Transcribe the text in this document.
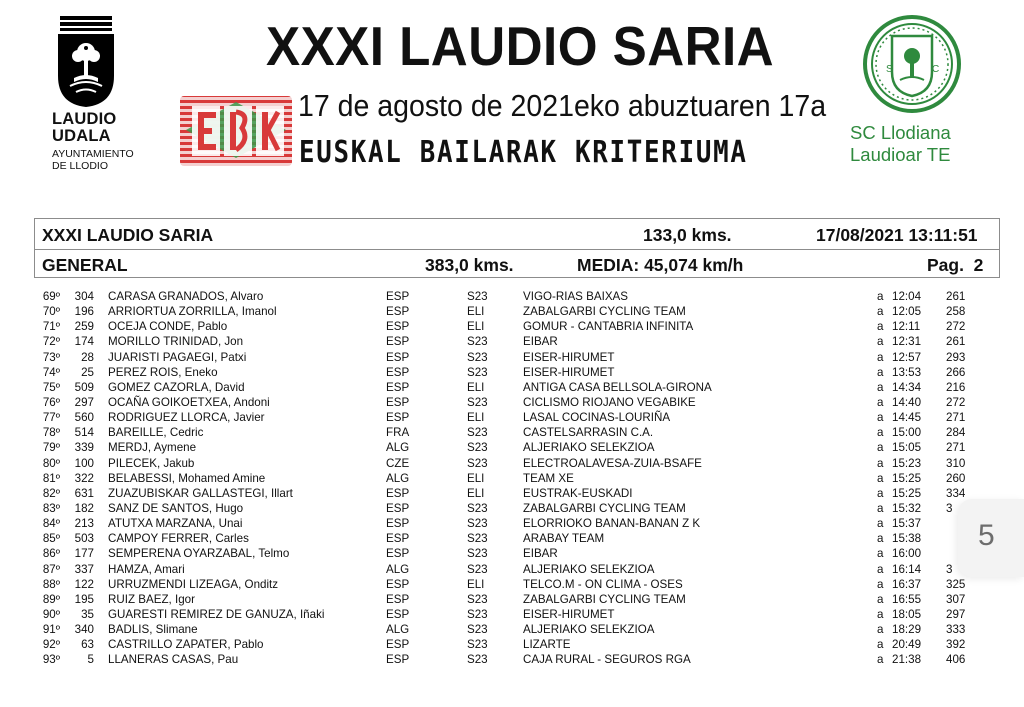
LAUDIO
UDALA
AYUNTAMIENTO
DE LLODIO
XXXI LAUDIO SARIA
17 de agosto de 2021eko abuztuaren 17a
EUSKAL BAILARAK KRITERIUMA
S	C
SC Llodiana
Laudioar TE
XXXI LAUDIO SARIA	133,0 kms.	17/08/2021 13:11:51
GENERAL	383,0 kms.	MEDIA: 45,074 km/h	Pag.  2
69º	304 CARASA GRANADOS, Alvaro	ESP	S23	VIGO-RIAS BAIXAS	a 12:04 261
70º	196 ARRIORTUA ZORRILLA, Imanol	ESP	ELI	ZABALGARBI CYCLING TEAM	a 12:05 258
71º	259 OCEJA CONDE, Pablo	ESP	ELI	GOMUR - CANTABRIA INFINITA	a 12:11 272
72º	174 MORILLO TRINIDAD, Jon	ESP	S23	EIBAR	a 12:31 261
73º	28 JUARISTI PAGAEGI, Patxi	ESP	S23	EISER-HIRUMET	a 12:57 293
74º	25 PEREZ ROIS, Eneko	ESP	S23	EISER-HIRUMET	a 13:53 266
75º	509 GOMEZ CAZORLA, David	ESP	ELI	ANTIGA CASA BELLSOLA-GIRONA	a 14:34 216
76º	297 OCAÑA GOIKOETXEA, Andoni	ESP	S23	CICLISMO RIOJANO VEGABIKE	a 14:40 272
77º	560 RODRIGUEZ LLORCA, Javier	ESP	ELI	LASAL COCINAS-LOURIÑA	a 14:45 271
78º	514 BAREILLE, Cedric	FRA	S23	CASTELSARRASIN C.A.	a 15:00 284
79º	339 MERDJ, Aymene	ALG	S23	ALJERIAKO SELEKZIOA	a 15:05 271
80º	100 PILECEK, Jakub	CZE	S23	ELECTROALAVESA-ZUIA-BSAFE	a 15:23 310
81º	322 BELABESSI, Mohamed Amine	ALG	ELI	TEAM XE	a 15:25 260
82º	631 ZUAZUBISKAR GALLASTEGI, Illart	ESP	ELI	EUSTRAK-EUSKADI	a 15:25 334
83º	182 SANZ DE SANTOS, Hugo	ESP	S23	ZABALGARBI CYCLING TEAM	a 15:32 3
84º	213 ATUTXA MARZANA, Unai	ESP	S23	ELORRIOKO BANAN-BANAN Z K	a 15:37
85º	503 CAMPOY FERRER, Carles	ESP	S23	ARABAY TEAM	a 15:38
86º	177 SEMPERENA OYARZABAL, Telmo	ESP	S23	EIBAR	a 16:00
87º	337 HAMZA, Amari	ALG	S23	ALJERIAKO SELEKZIOA	a 16:14 3
88º	122 URRUZMENDI LIZEAGA, Onditz	ESP	ELI	TELCO.M - ON CLIMA - OSES	a 16:37 325
89º	195 RUIZ BAEZ, Igor	ESP	S23	ZABALGARBI CYCLING TEAM	a 16:55 307
90º	35 GUARESTI REMIREZ DE GANUZA, Iñaki	ESP	S23	EISER-HIRUMET	a 18:05 297
91º	340 BADLIS, Slimane	ALG	S23	ALJERIAKO SELEKZIOA	a 18:29 333
92º	63 CASTRILLO ZAPATER, Pablo	ESP	S23	LIZARTE	a 20:49 392
93º	5 LLANERAS CASAS, Pau	ESP	S23	CAJA RURAL - SEGUROS RGA	a 21:38 406
5
